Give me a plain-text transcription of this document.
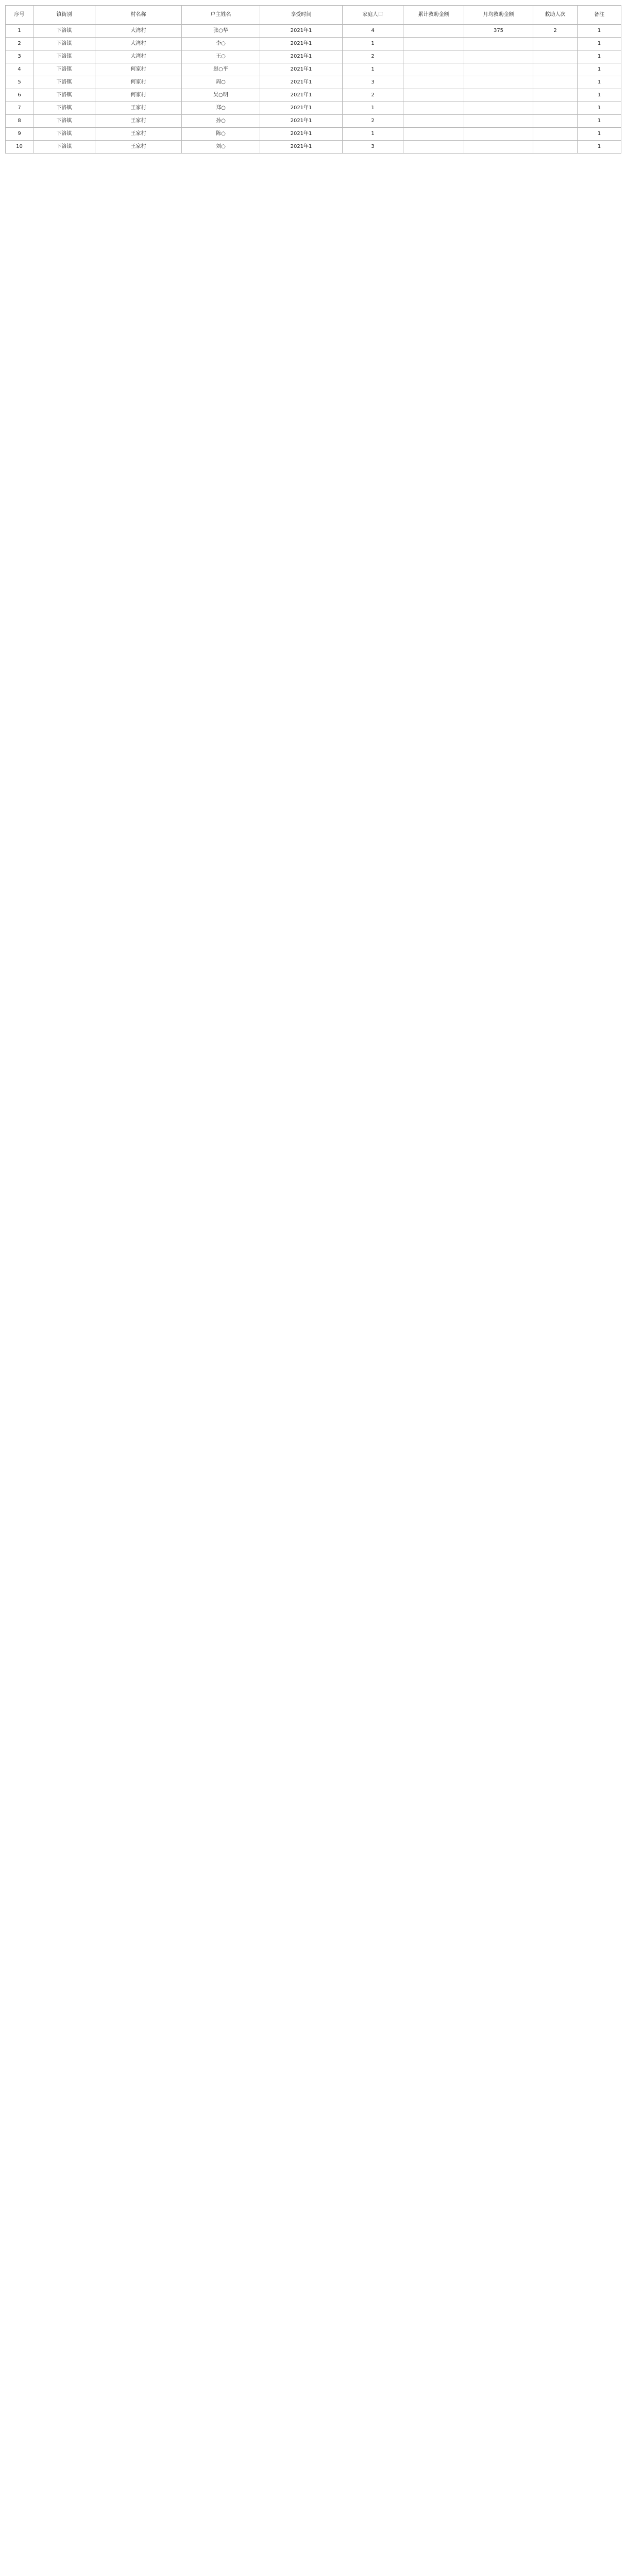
序号	镇街别	村名称	户主姓名	享受时间	家庭人口	累计救助金额	月均救助金额	救助人次	备注
1	下洛镇	大湾村	张○华	2021年1	4		375	2	1
2	下洛镇	大湾村	李○	2021年1	1				1
3	下洛镇	大湾村	王○	2021年1	2				1
4	下洛镇	何家村	赵○平	2021年1	1				1
5	下洛镇	何家村	周○	2021年1	3				1
6	下洛镇	何家村	吴○明	2021年1	2				1
7	下洛镇	王家村	郑○	2021年1	1				1
8	下洛镇	王家村	孙○	2021年1	2				1
9	下洛镇	王家村	陈○	2021年1	1				1
10	下洛镇	王家村	刘○	2021年1	3				1
